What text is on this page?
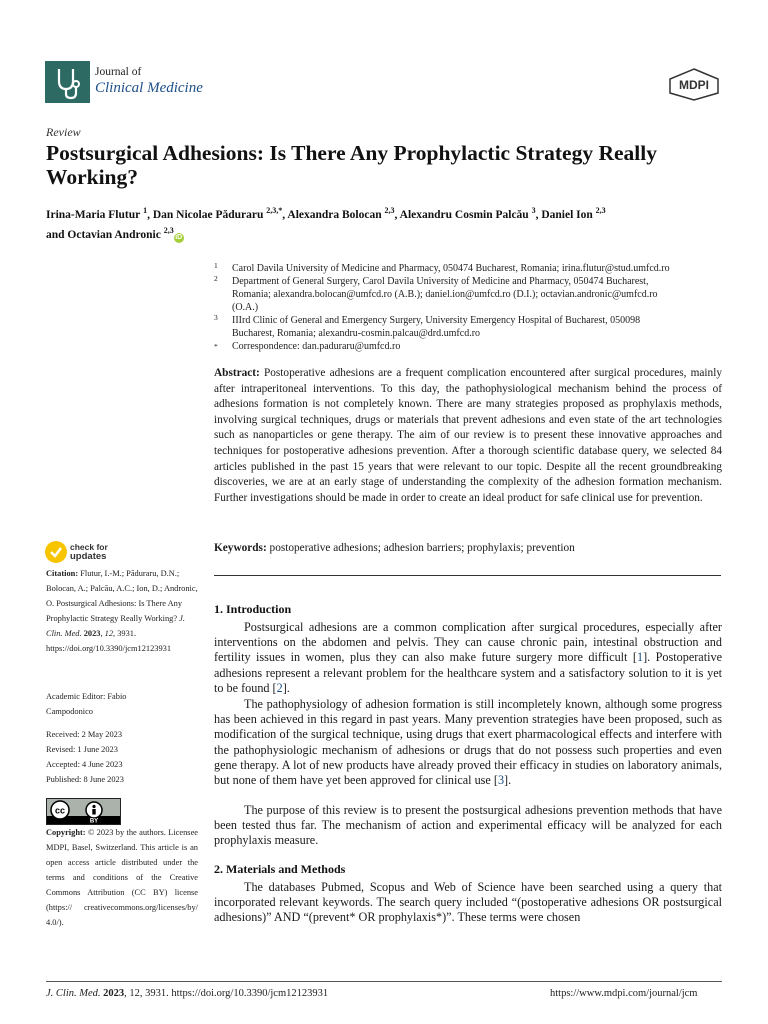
Journal of
Clinical Medicine	MDPI
Review
Postsurgical Adhesions: Is There Any Prophylactic Strategy Really Working?
Irina-Maria Flutur $^1$, Dan Nicolae Păduraru $^{2,3,*}$, Alexandra Bolocan $^{2,3}$, Alexandru Cosmin Palcău $^3$, Daniel Ion $^{2,3}$
and Octavian Andronic $^{2,3}$iD
1 Carol Davila University of Medicine and Pharmacy, 050474 Bucharest, Romania; irina.flutur@stud.umfcd.ro
2 Department of General Surgery, Carol Davila University of Medicine and Pharmacy, 050474 Bucharest, Romania; alexandra.bolocan@umfcd.ro (A.B.); daniel.ion@umfcd.ro (D.I.); octavian.andronic@umfcd.ro (O.A.)
3 IIIrd Clinic of General and Emergency Surgery, University Emergency Hospital of Bucharest, 050098 Bucharest, Romania; alexandru-cosmin.palcau@drd.umfcd.ro
* Correspondence: dan.paduraru@umfcd.ro
Abstract: Postoperative adhesions are a frequent complication encountered after surgical procedures, mainly after intraperitoneal interventions. To this day, the pathophysiological mechanism behind the process of adhesions formation is not completely known. There are many strategies proposed as prophylaxis methods, involving surgical techniques, drugs or materials that prevent adhesions and even state of the art technologies such as nanoparticles or gene therapy. The aim of our review is to present these innovative approaches and techniques for postoperative adhesions prevention. After a thorough scientific database query, we selected 84 articles published in the past 15 years that were relevant to our topic. Despite all the recent groundbreaking discoveries, we are at an early stage of understanding the complexity of the adhesion formation mechanism. Further investigations should be made in order to create an ideal product for safe clinical use for prevention.
Keywords: postoperative adhesions; adhesion barriers; prophylaxis; prevention
check for
updates
Citation: Flutur, I.-M.; Păduraru, D.N.; Bolocan, A.; Palcău, A.C.; Ion, D.; Andronic, O. Postsurgical Adhesions: Is There Any Prophylactic Strategy Really Working? J. Clin. Med. 2023, 12, 3931. https://doi.org/10.3390/jcm12123931
Academic Editor: Fabio Campodonico
Received: 2 May 2023
Revised: 1 June 2023
Accepted: 4 June 2023
Published: 8 June 2023
cc
BY
Copyright: © 2023 by the authors. Licensee MDPI, Basel, Switzerland. This article is an open access article distributed under the terms and conditions of the Creative Commons Attribution (CC BY) license (https:// creativecommons.org/licenses/by/ 4.0/).
1. Introduction
Postsurgical adhesions are a common complication after surgical procedures, especially after interventions on the abdomen and pelvis. They can cause chronic pain, intestinal obstruction and fertility issues in women, plus they can also make future surgery more difficult [1]. Postoperative adhesions represent a relevant problem for the healthcare system and a satisfactory solution to it is yet to be found [2].
The pathophysiology of adhesion formation is still incompletely known, although some progress has been achieved in this regard in past years. Many prevention strategies have been proposed, such as modification of the surgical technique, using drugs that exert pharmacological effects and interfere with the pathophysiologic mechanism of adhesions or drugs that do not possess such properties and even gene therapy. A lot of new products have already proved their efficacy in studies on laboratory animals, but none of them have yet been approved for clinical use [3].
The purpose of this review is to present the postsurgical adhesions prevention methods that have been tested thus far. The mechanism of action and experimental efficacy will be analyzed for each prophylaxis measure.
2. Materials and Methods
The databases Pubmed, Scopus and Web of Science have been searched using a query that incorporated relevant keywords. The search query included “(postoperative adhesions OR postsurgical adhesions)” AND “(prevent* OR prophylaxis*)”. These terms were chosen
J. Clin. Med. 2023, 12, 3931. https://doi.org/10.3390/jcm12123931	https://www.mdpi.com/journal/jcm
